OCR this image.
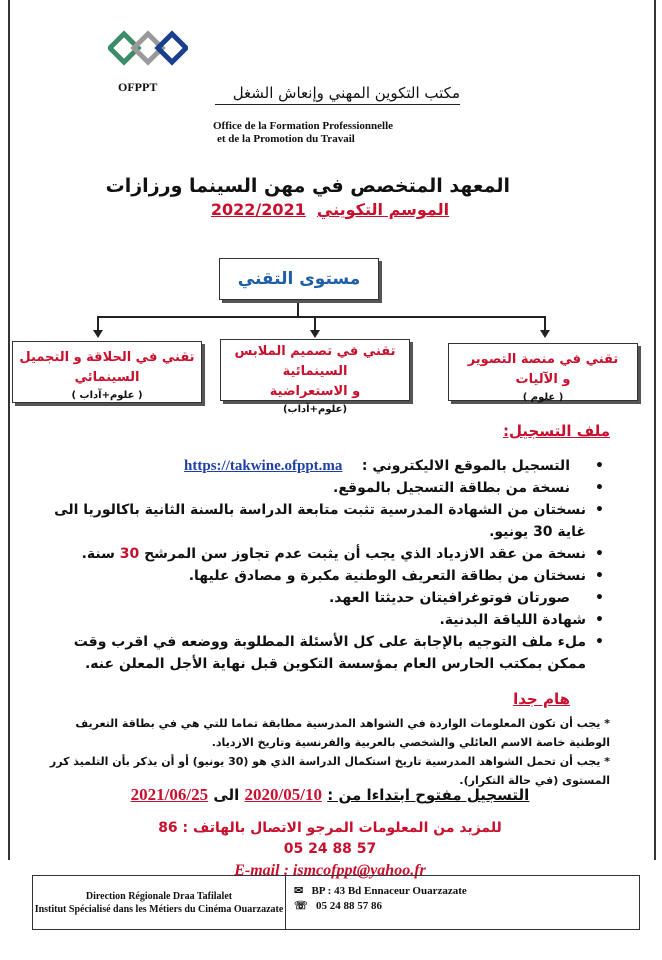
OFPPT	مكتب التكوين المهني وإنعاش الشغل
Office de la Formation Professionnelle
et de la Promotion du Travail
المعهد المتخصص في مهن السينما ورزازات
الموسم التكويني  2022/2021
مستوى التقني
تقني في منصة التصوير
و الآليات
( علوم )
تقني في تصميم الملابس السينمائية
و الاستعراضية
(علوم+آداب)
تقني في الحلاقة و التجميل
السينمائي
( علوم+آداب )
ملف التسجيل:
• التسجيل بالموقع الاليكتروني :    https://takwine.ofppt.ma
• نسخة من بطاقة التسجيل بالموقع.
• نسختان من الشهادة المدرسية تثبت متابعة الدراسة بالسنة الثانية باكالوريا الى غاية 30 يونيو.
• نسخة من عقد الازدياد الذي يجب أن يثبت عدم تجاوز سن المرشح 30 سنة.
• نسختان من بطاقة التعريف الوطنية مكبرة و مصادق عليها.
• صورتان فوتوغرافيتان حديثتا العهد.
• شهادة اللياقة البدنية.
• ملء ملف التوجيه بالإجابة على كل الأسئلة المطلوبة ووضعه في اقرب وقت ممكن بمكتب الحارس العام بمؤسسة التكوين قبل نهاية الأجل المعلن عنه.
هام جدا
* يجب أن تكون المعلومات الواردة في الشواهد المدرسية مطابقة تماما للتي هي في بطاقة التعريف الوطنية خاصة الاسم العائلي والشخصي بالعربية والفرنسية وتاريخ الازدياد.
* يجب أن تحمل الشواهد المدرسية تاريخ استكمال الدراسة الذي هو (30 يونيو) أو أن يذكر بأن التلميذ كرر المستوى (في حالة التكرار).
التسجيل مفتوح ابتداءا من : 2020/05/10 الى 2021/06/25
للمزيد من المعلومات المرجو الاتصال بالهاتف : 86 57 88 24 05
E-mail : ismcofppt@yahoo.fr
Direction Régionale Draa Tafilalet
Institut Spécialisé dans les Métiers du Cinéma Ouarzazate
✉ BP : 43 Bd Ennaceur Ouarzazate
☏ 05 24 88 57 86
